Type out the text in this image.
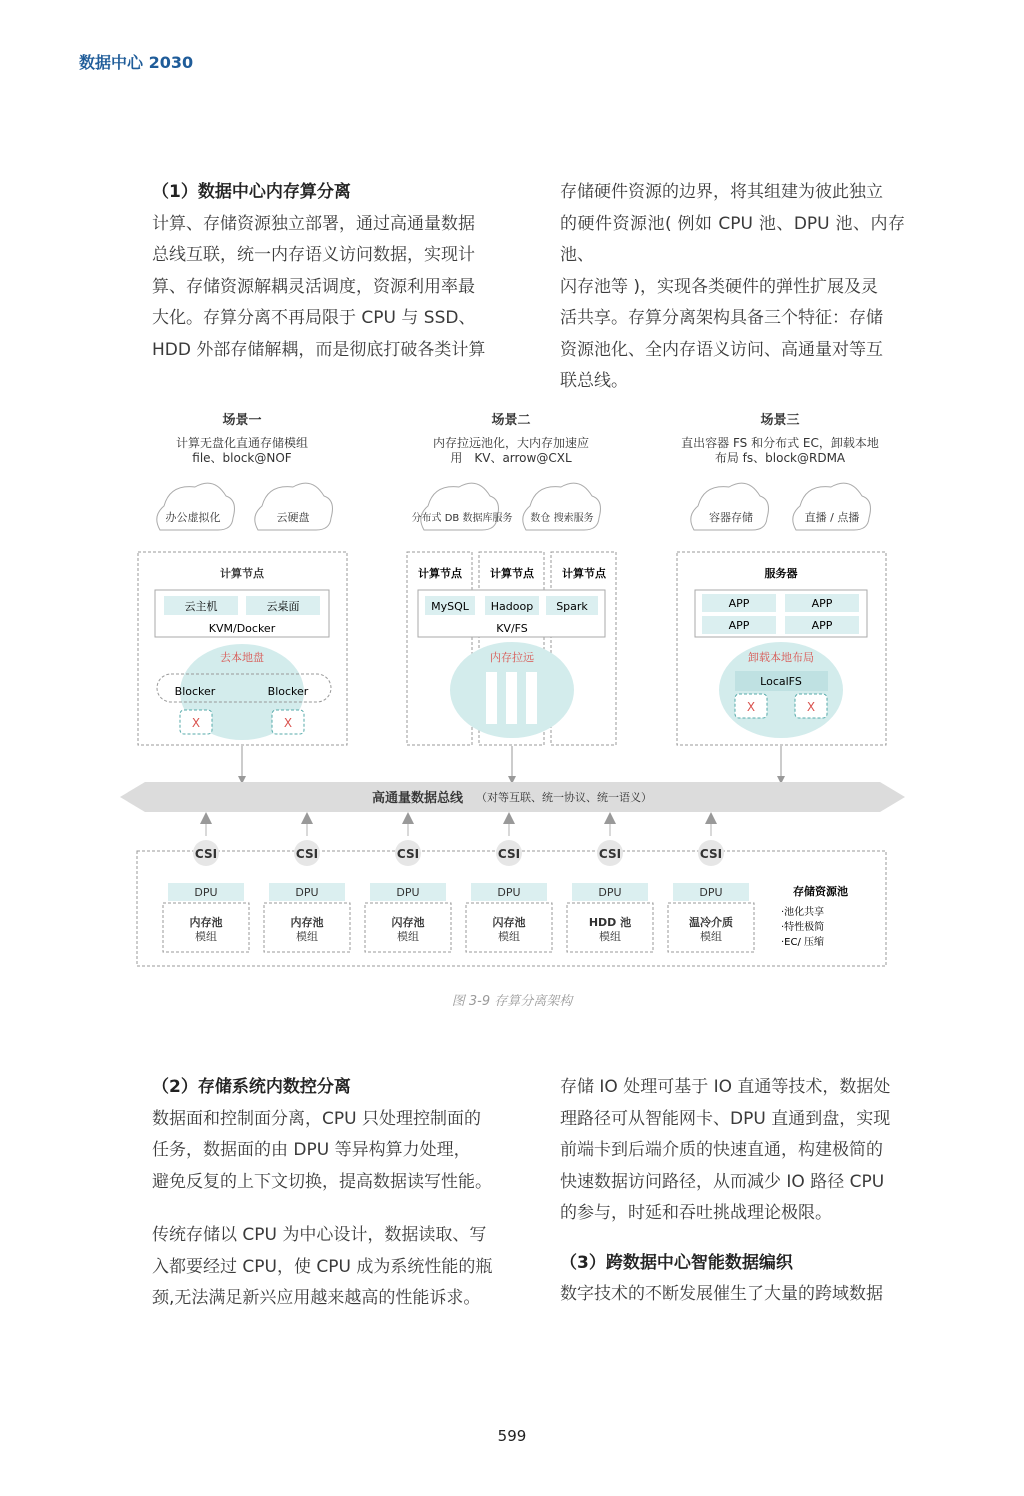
数据中心 2030

（1）数据中心内存算分离

计算、存储资源独立部署，通过高通量数据

总线互联，统一内存语义访问数据，实现计

算、存储资源解耦灵活调度，资源利用率最

大化。存算分离不再局限于 CPU 与 SSD、

HDD 外部存储解耦，而是彻底打破各类计算

存储硬件资源的边界，将其组建为彼此独立

的硬件资源池( 例如 CPU 池、DPU 池、内存池、

闪存池等 )，实现各类硬件的弹性扩展及灵

活共享。存算分离架构具备三个特征：存储

资源池化、全内存语义访问、高通量对等互

联总线。

场景一
计算无盘化直通存储模组
file、block@NOF
场景二
内存拉远池化，大内存加速应
用　KV、arrow@CXL
场景三
直出容器 FS 和分布式 EC，卸载本地
布局 fs、block@RDMA
办公虚拟化	云硬盘	分布式 DB 数据库服务 数仓 搜索服务	容器存储	直播 / 点播
计算节点
云主机	云桌面
KVM/Docker
去本地盘
Blocker	Blocker
X	X
计算节点	计算节点	计算节点
MySQL Hadoop Spark
KV/FS
内存拉远
服务器
APP	APP
APP	APP
卸载本地布局
LocalFS
X	X
高通量数据总线 （对等互联、统一协议、统一语义）
CSI
DPU
内存池
模组
CSI
DPU
内存池
模组
CSI
DPU
闪存池
模组
CSI
DPU
闪存池
模组
CSI
DPU
HDD 池
模组
CSI
DPU
温冷介质
模组
存储资源池
·池化共享
·特性极简
·EC/ 压缩
图 3-9 存算分离架构

（2）存储系统内数控分离

数据面和控制面分离，CPU 只处理控制面的

任务，数据面的由 DPU 等异构算力处理，

避免反复的上下文切换，提高数据读写性能。

传统存储以 CPU 为中心设计，数据读取、写

入都要经过 CPU，使 CPU 成为系统性能的瓶

颈,无法满足新兴应用越来越高的性能诉求。

存储 IO 处理可基于 IO 直通等技术，数据处

理路径可从智能网卡、DPU 直通到盘，实现

前端卡到后端介质的快速直通，构建极简的

快速数据访问路径，从而减少 IO 路径 CPU

的参与，时延和吞吐挑战理论极限。

（3）跨数据中心智能数据编织

数字技术的不断发展催生了大量的跨域数据

599
